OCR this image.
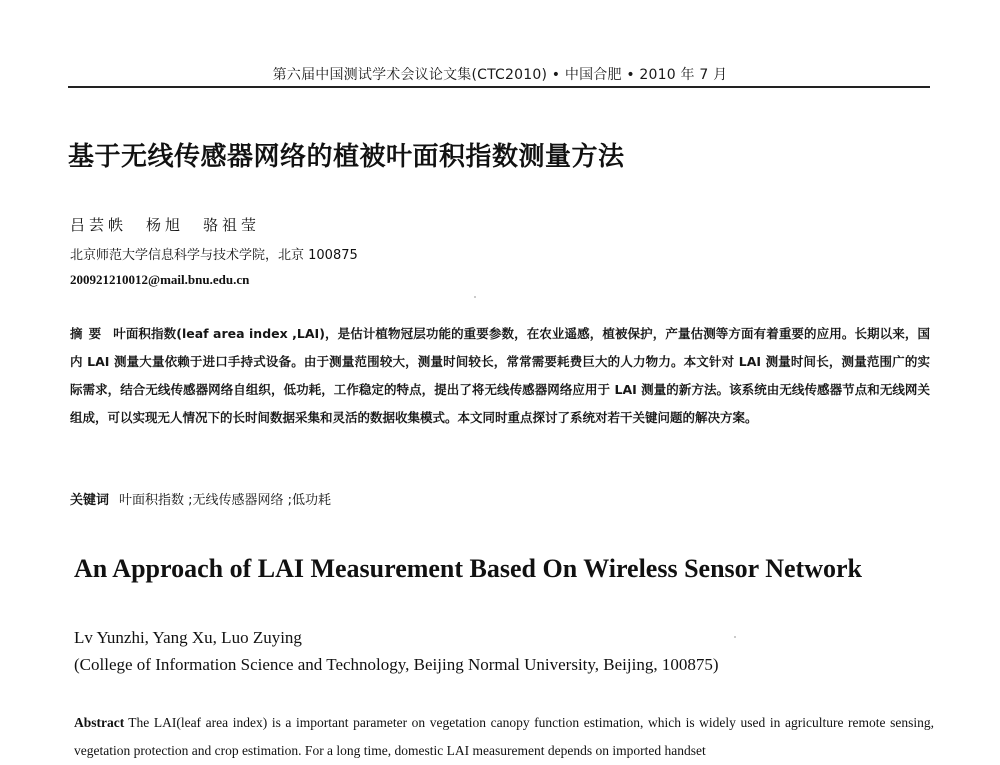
第六届中国测试学术会议论文集(CTC2010) • 中国合肥 • 2010 年 7 月
基于无线传感器网络的植被叶面积指数测量方法
吕芸帙　杨旭　骆祖莹
北京师范大学信息科学与技术学院，北京 100875
200921210012@mail.bnu.edu.cn
摘要 叶面积指数(leaf area index ,LAI)，是估计植物冠层功能的重要参数，在农业遥感，植被保护，产量估测等方面有着重要的应用。长期以来，国内 LAI 测量大量依赖于进口手持式设备。由于测量范围较大，测量时间较长，常常需要耗费巨大的人力物力。本文针对 LAI 测量时间长，测量范围广的实际需求，结合无线传感器网络自组织，低功耗，工作稳定的特点，提出了将无线传感器网络应用于 LAI 测量的新方法。该系统由无线传感器节点和无线网关组成，可以实现无人情况下的长时间数据采集和灵活的数据收集模式。本文同时重点探讨了系统对若干关键问题的解决方案。
关键词 叶面积指数 ;无线传感器网络 ;低功耗
An Approach of LAI Measurement Based On Wireless Sensor Network
Lv Yunzhi, Yang Xu, Luo Zuying
(College of Information Science and Technology, Beijing Normal University, Beijing, 100875)
Abstract The LAI(leaf area index) is a important parameter on vegetation canopy function estimation, which is widely used in agriculture remote sensing, vegetation protection and crop estimation. For a long time, domestic LAI measurement depends on imported handset
